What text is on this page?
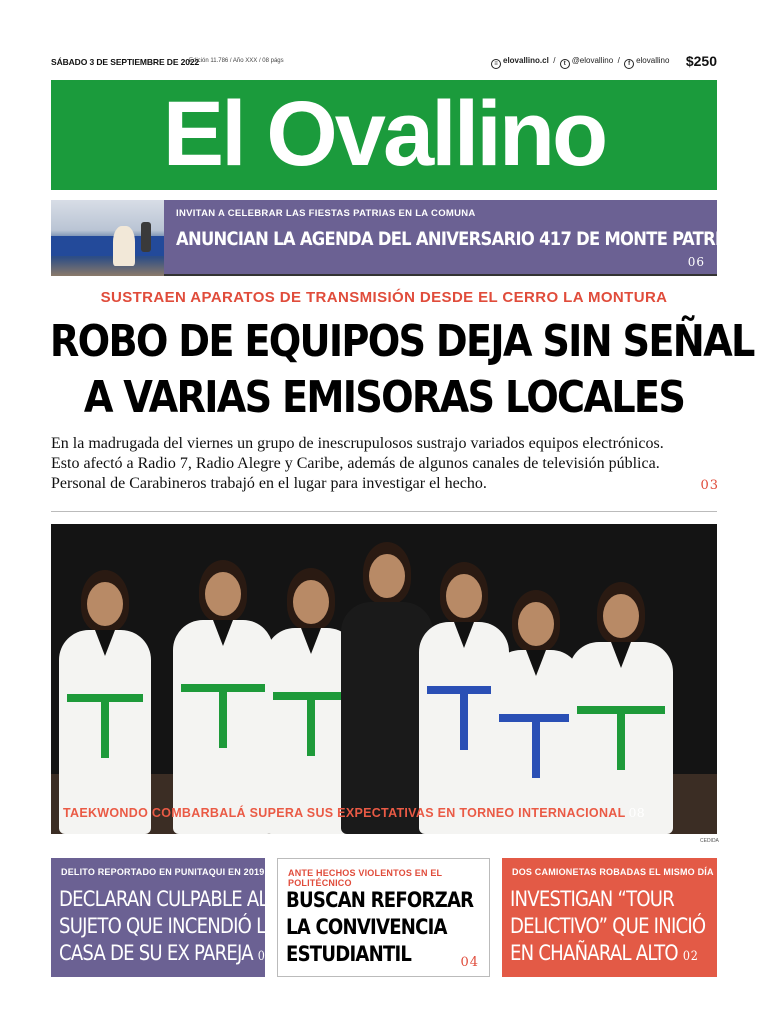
SÁBADO 3 DE SEPTIEMBRE DE 2022
Edición 11.786 / Año XXX / 08 págs	≡ elovallino.cl  / t @elovallino  / f elovallino $250
El Ovallino
INVITAN A CELEBRAR LAS FIESTAS PATRIAS EN LA COMUNA
ANUNCIAN LA AGENDA DEL ANIVERSARIO 417 DE MONTE PATRIA
06
SUSTRAEN APARATOS DE TRANSMISIÓN DESDE EL CERRO LA MONTURA
ROBO DE EQUIPOS DEJA SIN SEÑAL
A VARIAS EMISORAS LOCALES
En la madrugada del viernes un grupo de inescrupulosos sustrajo variados equipos electrónicos.
Esto afectó a Radio 7, Radio Alegre y Caribe, además de algunos canales de televisión pública.
Personal de Carabineros trabajó en el lugar para investigar el hecho.	03
TAEKWONDO COMBARBALÁ SUPERA SUS EXPECTATIVAS EN TORNEO INTERNACIONAL 08
CEDIDA
DELITO REPORTADO EN PUNITAQUI EN 2019
DECLARAN CULPABLE AL
SUJETO QUE INCENDIÓ LA
CASA DE SU EX PAREJA 04
ANTE HECHOS VIOLENTOS EN EL POLITÉCNICO
BUSCAN REFORZAR
LA CONVIVENCIA
ESTUDIANTIL	04
DOS CAMIONETAS ROBADAS EL MISMO DÍA
INVESTIGAN “TOUR
DELICTIVO” QUE INICIÓ
EN CHAÑARAL ALTO 02
